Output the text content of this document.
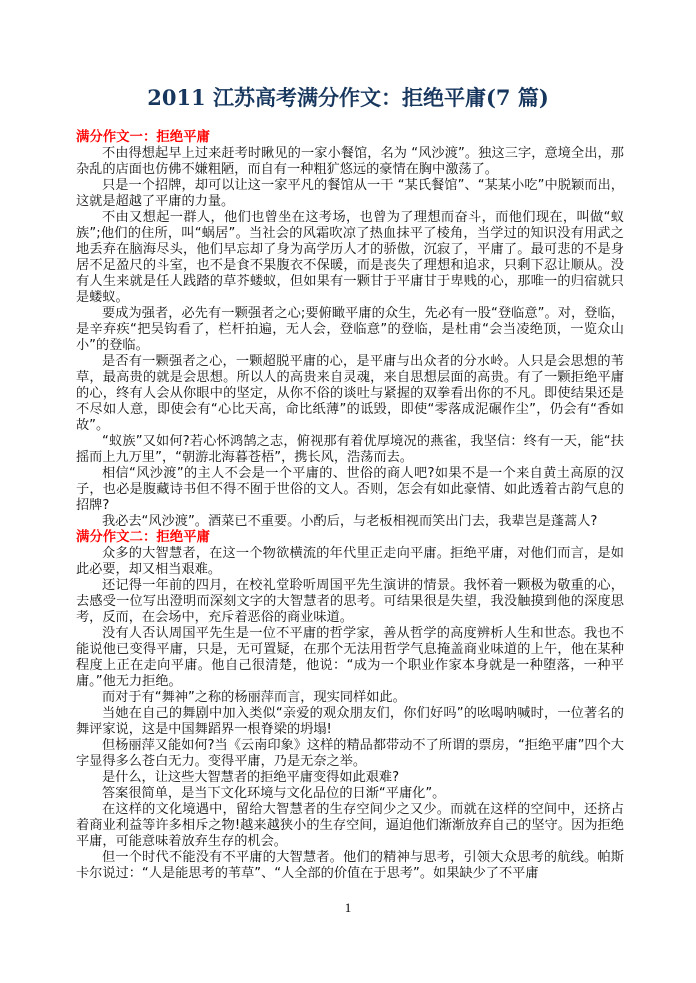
2011 江苏高考满分作文：拒绝平庸(7 篇)

满分作文一：拒绝平庸

不由得想起早上过来赶考时瞅见的一家小餐馆，名为 “风沙渡”。独这三字，意境全出，那杂乱的店面也仿佛不嫌粗陋，而自有一种粗犷悠远的豪情在胸中激荡了。

只是一个招牌，却可以让这一家平凡的餐馆从一干 “某氏餐馆”、“某某小吃”中脱颖而出，这就是超越了平庸的力量。

不由又想起一群人，他们也曾坐在这考场，也曾为了理想而奋斗，而他们现在，叫做“蚁族”;他们的住所，叫“蜗居”。当社会的风霜吹凉了热血抹平了棱角，当学过的知识没有用武之地丢弃在脑海尽头，他们早忘却了身为高学历人才的骄傲，沉寂了，平庸了。最可悲的不是身居不足盈尺的斗室，也不是食不果腹衣不保暖，而是丧失了理想和追求，只剩下忍让顺从。没有人生来就是任人践踏的草芥蝼蚁，但如果有一颗甘于平庸甘于卑贱的心，那唯一的归宿就只是蝼蚁。

要成为强者，必先有一颗强者之心;要俯瞰平庸的众生，先必有一股“登临意”。对，登临，是辛弃疾“把吴钩看了，栏杆拍遍，无人会，登临意”的登临，是杜甫“会当凌绝顶，一览众山小”的登临。

是否有一颗强者之心，一颗超脱平庸的心，是平庸与出众者的分水岭。人只是会思想的苇草，最高贵的就是会思想。所以人的高贵来自灵魂，来自思想层面的高贵。有了一颗拒绝平庸的心，终有人会从你眼中的坚定，从你不俗的谈吐与紧握的双拳看出你的不凡。即使结果还是不尽如人意，即使会有“心比天高，命比纸薄”的诋毁，即使“零落成泥碾作尘”，仍会有“香如故”。

“蚁族”又如何?若心怀鸿鹄之志，俯视那有着优厚境况的燕雀，我坚信：终有一天，能“扶摇而上九万里”，“朝游北海暮苍梧”，携长风，浩荡而去。

相信“风沙渡”的主人不会是一个平庸的、世俗的商人吧?如果不是一个来自黄土高原的汉子，也必是腹藏诗书但不得不囿于世俗的文人。否则，怎会有如此豪情、如此透着古韵气息的招牌?

我必去“风沙渡”。酒菜已不重要。小酌后，与老板相视而笑出门去，我辈岂是蓬蒿人?

满分作文二：拒绝平庸

众多的大智慧者，在这一个物欲横流的年代里正走向平庸。拒绝平庸，对他们而言，是如此必要，却又相当艰难。

还记得一年前的四月，在校礼堂聆听周国平先生演讲的情景。我怀着一颗极为敬重的心，去感受一位写出澄明而深刻文字的大智慧者的思考。可结果很是失望，我没触摸到他的深度思考，反而，在会场中，充斥着恶俗的商业味道。

没有人否认周国平先生是一位不平庸的哲学家，善从哲学的高度辨析人生和世态。我也不能说他已变得平庸，只是，无可置疑，在那个无法用哲学气息掩盖商业味道的上午，他在某种程度上正在走向平庸。他自己很清楚，他说：“成为一个职业作家本身就是一种堕落，一种平庸。”他无力拒绝。

而对于有“舞神”之称的杨丽萍而言，现实同样如此。

当她在自己的舞剧中加入类似“亲爱的观众朋友们，你们好吗”的吆喝呐喊时，一位著名的舞评家说，这是中国舞蹈界一根脊梁的坍塌!

但杨丽萍又能如何?当《云南印象》这样的精品都带动不了所谓的票房，“拒绝平庸”四个大字显得多么苍白无力。变得平庸，乃是无奈之举。

是什么，让这些大智慧者的拒绝平庸变得如此艰难?

答案很简单，是当下文化环境与文化品位的日渐“平庸化”。

在这样的文化境遇中，留给大智慧者的生存空间少之又少。而就在这样的空间中，还挤占着商业利益等许多相斥之物!越来越狭小的生存空间，逼迫他们渐渐放弃自己的坚守。因为拒绝平庸，可能意味着放弃生存的机会。

但一个时代不能没有不平庸的大智慧者。他们的精神与思考，引领大众思考的航线。帕斯卡尔说过：“人是能思考的苇草”、“人全部的价值在于思考”。如果缺少了不平庸

1
